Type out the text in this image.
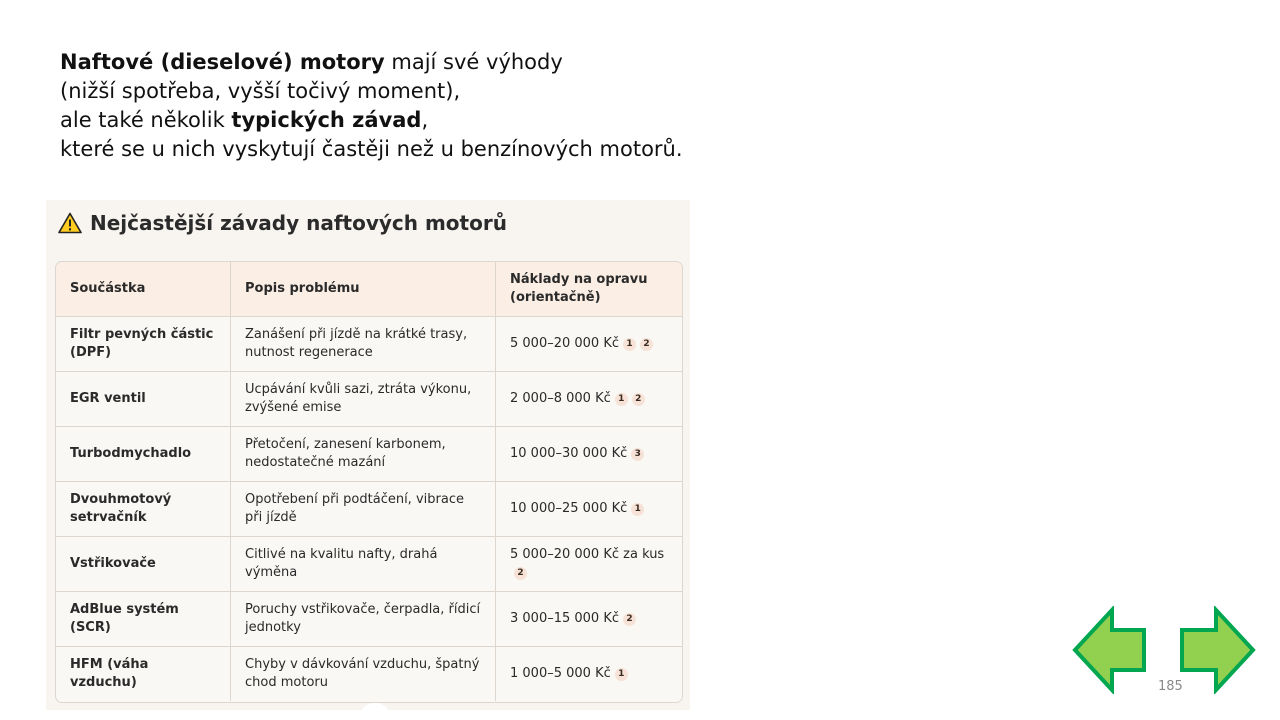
Naftové (dieselové) motory mají své výhody
(nižší spotřeba, vyšší točivý moment),
ale také několik typických závad,
které se u nich vyskytují častěji než u benzínových motorů.
Nejčastější závady naftových motorů
Součástka	Popis problému	Náklady na opravu (orientačně)
Filtr pevných částic (DPF)	Zanášení při jízdě na krátké trasy, nutnost regenerace	5 000–20 000 Kč 1 2
EGR ventil	Ucpávání kvůli sazi, ztráta výkonu, zvýšené emise	2 000–8 000 Kč 1 2
Turbodmychadlo	Přetočení, zanesení karbonem, nedostatečné mazání	10 000–30 000 Kč 3
Dvouhmotový setrvačník	Opotřebení při podtáčení, vibrace při jízdě	10 000–25 000 Kč 1
Vstřikovače	Citlivé na kvalitu nafty, drahá výměna	5 000–20 000 Kč za kus2
AdBlue systém (SCR)	Poruchy vstřikovače, čerpadla, řídicí jednotky	3 000–15 000 Kč 2
HFM (váha vzduchu)	Chyby v dávkování vzduchu, špatný chod motoru	1 000–5 000 Kč 1
185
